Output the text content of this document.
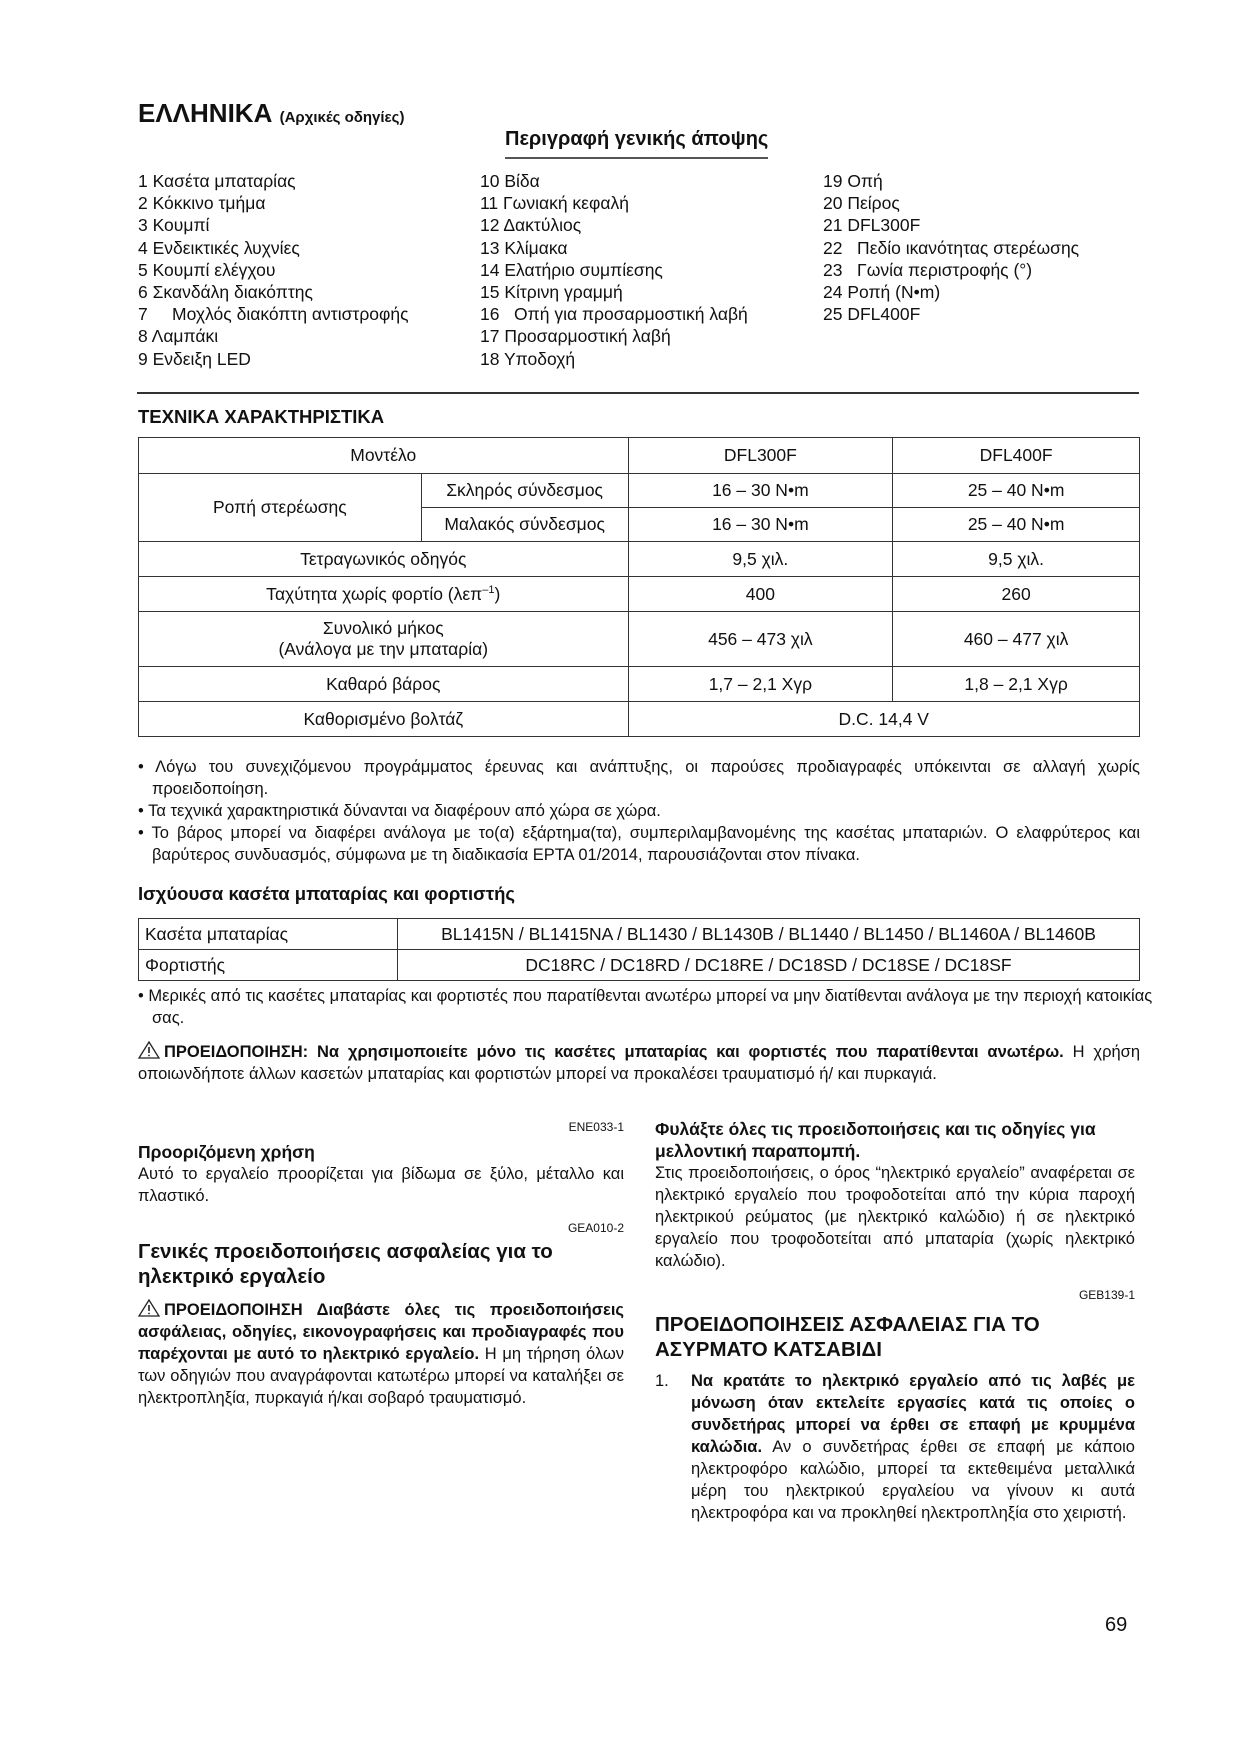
ΕΛΛΗΝΙΚΑ (Αρχικές οδηγίες)
Περιγραφή γενικής άποψης
1 Κασέτα μπαταρίας
2 Κόκκινο τμήμα
3 Κουμπί
4 Ενδεικτικές λυχνίες
5 Κουμπί ελέγχου
6 Σκανδάλη διακόπτης
7     Μοχλός διακόπτη αντιστροφής
8 Λαμπάκι
9 Ενδειξη LED
10 Βίδα
11 Γωνιακή κεφαλή
12 Δακτύλιος
13 Κλίμακα
14 Ελατήριο συμπίεσης
15 Κίτρινη γραμμή
16   Οπή για προσαρμοστική λαβή
17 Προσαρμοστική λαβή
18 Υποδοχή
19 Οπή
20 Πείρος
21 DFL300F
22   Πεδίο ικανότητας στερέωσης
23   Γωνία περιστροφής (°)
24 Ροπή (N•m)
25 DFL400F
ΤΕΧΝΙΚΑ ΧΑΡΑΚΤΗΡΙΣΤΙΚΑ
Μοντέλο		DFL300F	DFL400F
Ροπή στερέωσης	Σκληρός σύνδεσμος	16 – 30 N•m	25 – 40 N•m
	Μαλακός σύνδεσμος	16 – 30 N•m	25 – 40 N•m
Τετραγωνικός οδηγός		9,5 χιλ.	9,5 χιλ.
Ταχύτητα χωρίς φορτίο (λεπ$^{-1}$)		400	260

Συνολικό μήκος
(Ανάλογα με την μπαταρία)		456 – 473 χιλ	460 – 477 χιλ
Καθαρό βάρος		1,7 – 2,1 Χγρ	1,8 – 2,1 Χγρ
Καθορισμένο βολτάζ		D.C. 14,4 V	
• Λόγω του συνεχιζόμενου προγράμματος έρευνας και ανάπτυξης, οι παρούσες προδιαγραφές υπόκεινται σε αλλαγή χωρίς προειδοποίηση.
• Τα τεχνικά χαρακτηριστικά δύνανται να διαφέρουν από χώρα σε χώρα.
• Το βάρος μπορεί να διαφέρει ανάλογα με το(α) εξάρτημα(τα), συμπεριλαμβανομένης της κασέτας μπαταριών. Ο ελαφρύτερος και βαρύτερος συνδυασμός, σύμφωνα με τη διαδικασία EPTA 01/2014, παρουσιάζονται στον πίνακα.
Ισχύουσα κασέτα μπαταρίας και φορτιστής
Κασέτα μπαταρίας	BL1415N / BL1415NA / BL1430 / BL1430B / BL1440 / BL1450 / BL1460A / BL1460B
Φορτιστής	DC18RC / DC18RD / DC18RE / DC18SD / DC18SE / DC18SF
• Μερικές από τις κασέτες μπαταρίας και φορτιστές που παρατίθενται ανωτέρω μπορεί να μην διατίθενται ανάλογα με την περιοχή κατοικίας σας.
ΠΡΟΕΙΔΟΠΟΙΗΣΗ: Να χρησιμοποιείτε μόνο τις κασέτες μπαταρίας και φορτιστές που παρατίθενται ανωτέρω. Η χρήση οποιωνδήποτε άλλων κασετών μπαταρίας και φορτιστών μπορεί να προκαλέσει τραυματισμό ή/ και πυρκαγιά.
ENE033-1
Προοριζόμενη χρήση
Αυτό το εργαλείο προορίζεται για βίδωμα σε ξύλο, μέταλλο και πλαστικό.
GEA010-2
Γενικές προειδοποιήσεις ασφαλείας για το ηλεκτρικό εργαλείο
ΠΡΟΕΙΔΟΠΟΙΗΣΗ Διαβάστε όλες τις προειδοποιήσεις ασφάλειας, οδηγίες, εικονογραφήσεις και προδιαγραφές που παρέχονται με αυτό το ηλεκτρικό εργαλείο. Η μη τήρηση όλων των οδηγιών που αναγράφονται κατωτέρω μπορεί να καταλήξει σε ηλεκτροπληξία, πυρκαγιά ή/και σοβαρό τραυματισμό.
Φυλάξτε όλες τις προειδοποιήσεις και τις οδηγίες για μελλοντική παραπομπή.
Στις προειδοποιήσεις, ο όρος “ηλεκτρικό εργαλείο” αναφέρεται σε ηλεκτρικό εργαλείο που τροφοδοτείται από την κύρια παροχή ηλεκτρικού ρεύματος (με ηλεκτρικό καλώδιο) ή σε ηλεκτρικό εργαλείο που τροφοδοτείται από μπαταρία (χωρίς ηλεκτρικό καλώδιο).
GEB139-1
ΠΡΟΕΙΔΟΠΟΙΗΣΕΙΣ ΑΣΦΑΛΕΙΑΣ ΓΙΑ ΤΟ ΑΣΥΡΜΑΤΟ ΚΑΤΣΑΒΙΔΙ
1.	Να κρατάτε το ηλεκτρικό εργαλείο από τις λαβές με μόνωση όταν εκτελείτε εργασίες κατά τις οποίες ο συνδετήρας μπορεί να έρθει σε επαφή με κρυμμένα καλώδια. Αν ο συνδετήρας έρθει σε επαφή με κάποιο ηλεκτροφόρο καλώδιο, μπορεί τα εκτεθειμένα μεταλλικά μέρη του ηλεκτρικού εργαλείου να γίνουν κι αυτά ηλεκτροφόρα και να προκληθεί ηλεκτροπληξία στο χειριστή.
69
